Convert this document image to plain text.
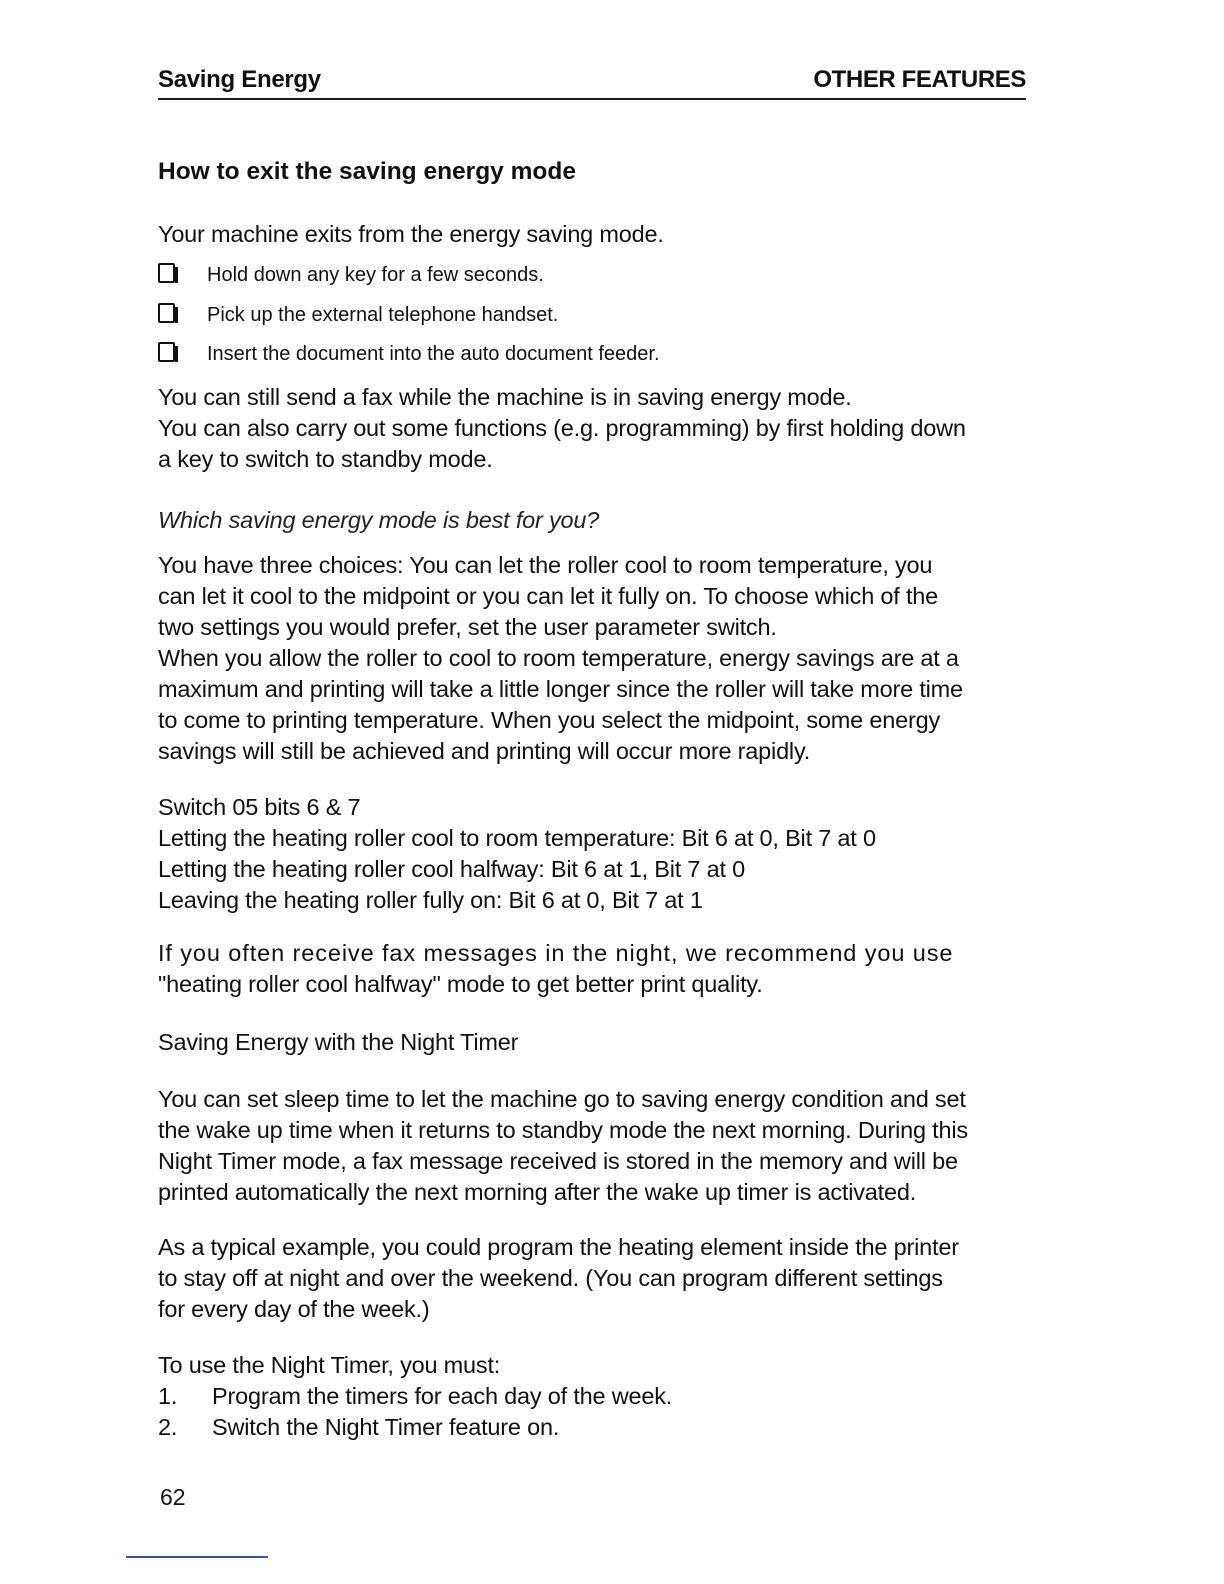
Saving Energy	OTHER FEATURES
How to exit the saving energy mode

Your machine exits from the energy saving mode.

Hold down any key for a few seconds.
Pick up the external telephone handset.
Insert the document into the auto document feeder.
You can still send a fax while the machine is in saving energy mode.
You can also carry out some functions (e.g. programming) by first holding down
a key to switch to standby mode.

Which saving energy mode is best for you?

You have three choices: You can let the roller cool to room temperature, you
can let it cool to the midpoint or you can let it fully on. To choose which of the
two settings you would prefer, set the user parameter switch.
When you allow the roller to cool to room temperature, energy savings are at a
maximum and printing will take a little longer since the roller will take more time
to come to printing temperature. When you select the midpoint, some energy
savings will still be achieved and printing will occur more rapidly.
Switch 05 bits 6 & 7
Letting the heating roller cool to room temperature: Bit 6 at 0, Bit 7 at 0
Letting the heating roller cool halfway: Bit 6 at 1, Bit 7 at 0
Leaving the heating roller fully on: Bit 6 at 0, Bit 7 at 1
If you often receive fax messages in the night, we recommend you use
"heating roller cool halfway" mode to get better print quality.

Saving Energy with the Night Timer

You can set sleep time to let the machine go to saving energy condition and set
the wake up time when it returns to standby mode the next morning. During this
Night Timer mode, a fax message received is stored in the memory and will be
printed automatically the next morning after the wake up timer is activated.
As a typical example, you could program the heating element inside the printer
to stay off at night and over the weekend. (You can program different settings
for every day of the week.)
To use the Night Timer, you must:
1. Program the timers for each day of the week.
2. Switch the Night Timer feature on.
62
